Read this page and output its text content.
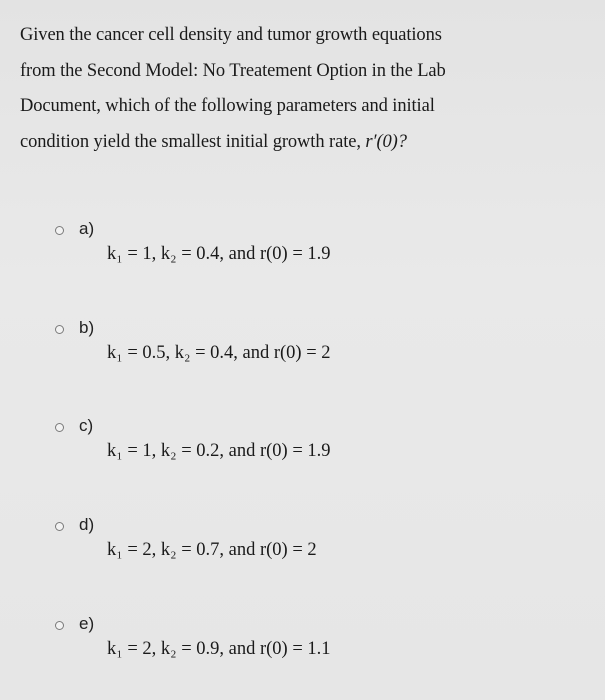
Given the cancer cell density and tumor growth equations
from the Second Model: No Treatement Option in the Lab
Document, which of the following parameters and initial
condition yield the smallest initial growth rate, r′(0)?

a)
k₁ = 1, k₂ = 0.4, and r(0) = 1.9
b)
k₁ = 0.5, k₂ = 0.4, and r(0) = 2
c)
k₁ = 1, k₂ = 0.2, and r(0) = 1.9
d)
k₁ = 2, k₂ = 0.7, and r(0) = 2
e)
k₁ = 2, k₂ = 0.9, and r(0) = 1.1
